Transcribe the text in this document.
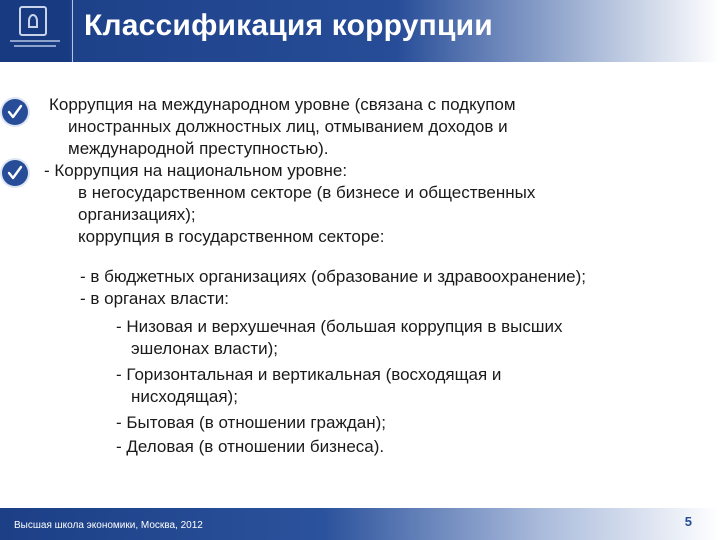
Классификация коррупции
Коррупция на международном уровне (связана с подкупом
иностранных должностных лиц, отмыванием доходов и
международной преступностью).
- Коррупция на национальном уровне:
в негосударственном секторе (в бизнесе и общественных
организациях);
коррупция в государственном секторе:
- в бюджетных организациях (образование и здравоохранение);
- в органах власти:
- Низовая и верхушечная (большая коррупция в высших
эшелонах власти);
- Горизонтальная и вертикальная (восходящая и
нисходящая);
- Бытовая (в отношении граждан);
- Деловая (в отношении бизнеса).
Высшая школа экономики, Москва, 2012	5
